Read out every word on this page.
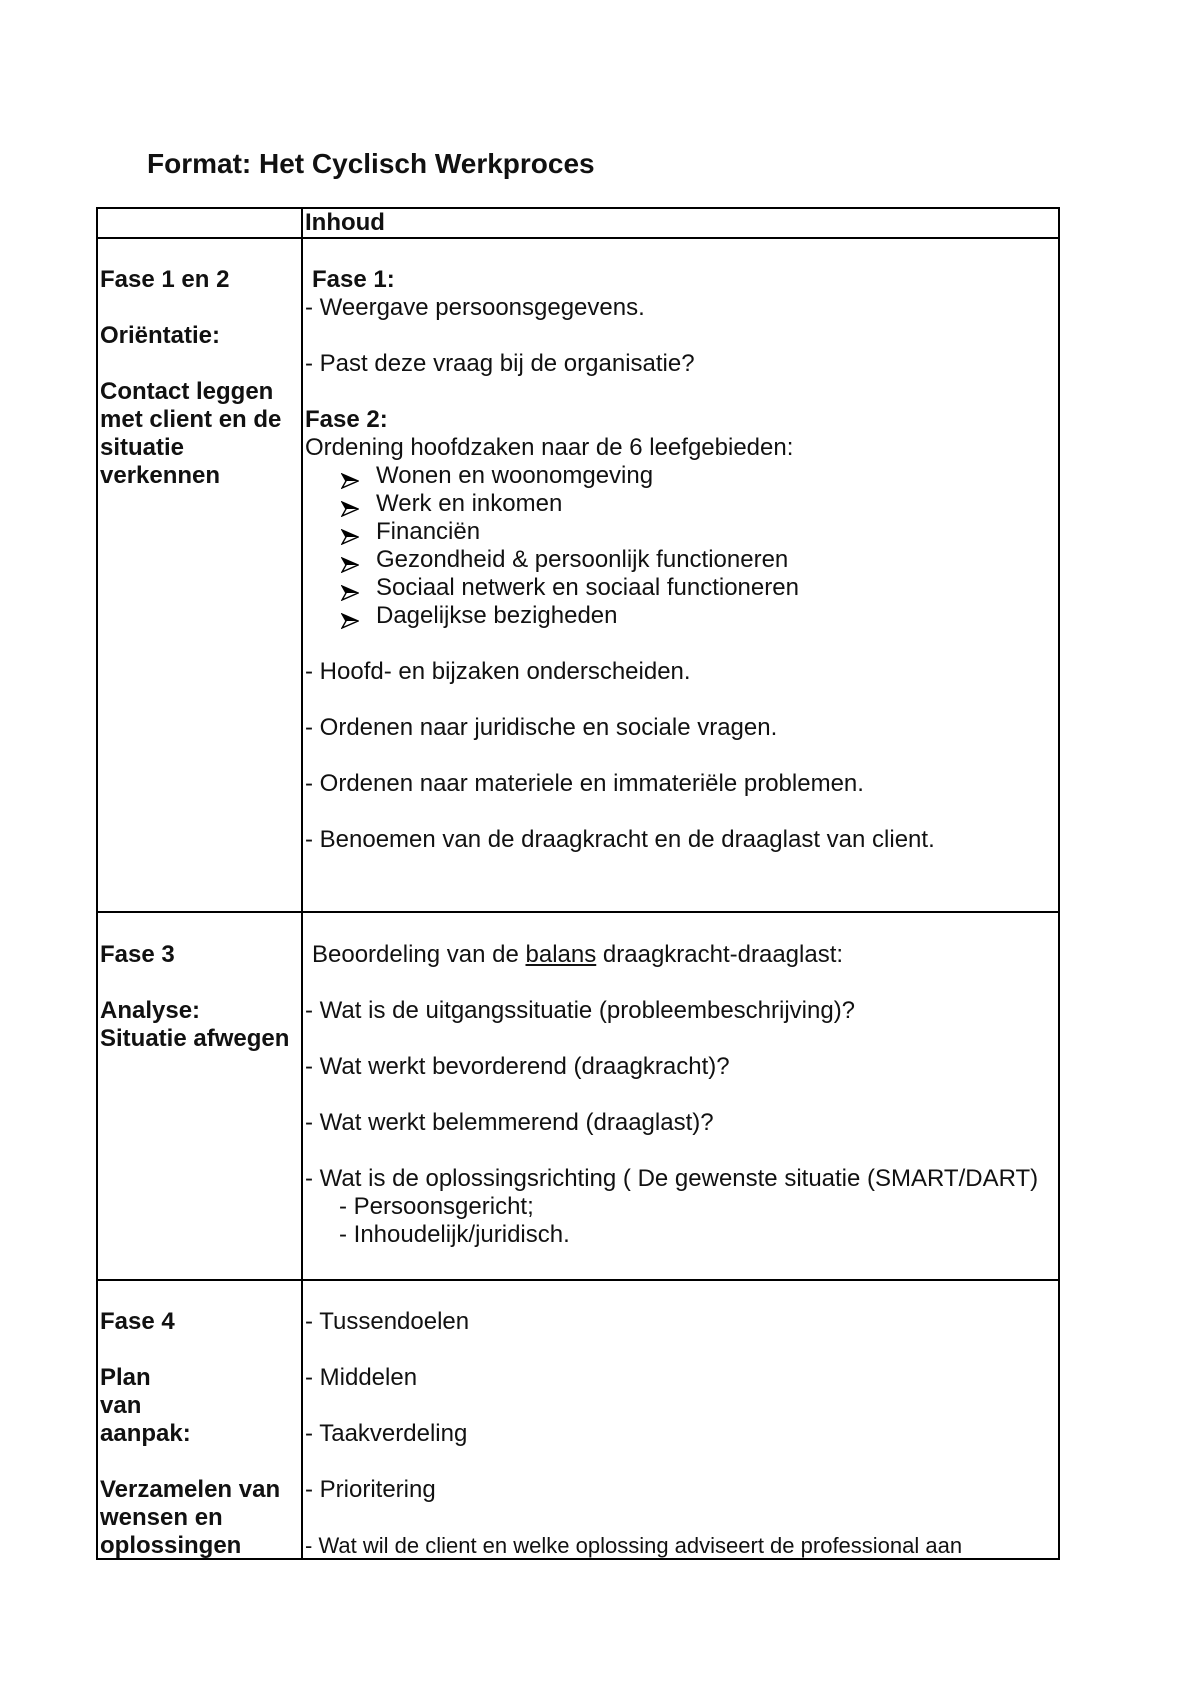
Format: Het Cyclisch Werkproces
Inhoud
Fase 1 en 2
Oriëntatie:
Contact leggen
met client en de
situatie
verkennen
Fase 1:
- Weergave persoonsgegevens.
- Past deze vraag bij de organisatie?
Fase 2:
Ordening hoofdzaken naar de 6 leefgebieden:
Wonen en woonomgeving
Werk en inkomen
Financiën
Gezondheid & persoonlijk functioneren
Sociaal netwerk en sociaal functioneren
Dagelijkse bezigheden
- Hoofd- en bijzaken onderscheiden.
- Ordenen naar juridische en sociale vragen.
- Ordenen naar materiele en immateriële problemen.
- Benoemen van de draagkracht en de draaglast van client.
Fase 3
Analyse:
Situatie afwegen
Beoordeling van de balans draagkracht-draaglast:
- Wat is de uitgangssituatie (probleembeschrijving)?
- Wat werkt bevorderend (draagkracht)?
- Wat werkt belemmerend (draaglast)?
- Wat is de oplossingsrichting ( De gewenste situatie (SMART/DART)
- Persoonsgericht;
- Inhoudelijk/juridisch.
Fase 4
Plan
van
aanpak:
Verzamelen van
wensen en
oplossingen
- Tussendoelen
- Middelen
- Taakverdeling
- Prioritering
- Wat wil de client en welke oplossing adviseert de professional aan
